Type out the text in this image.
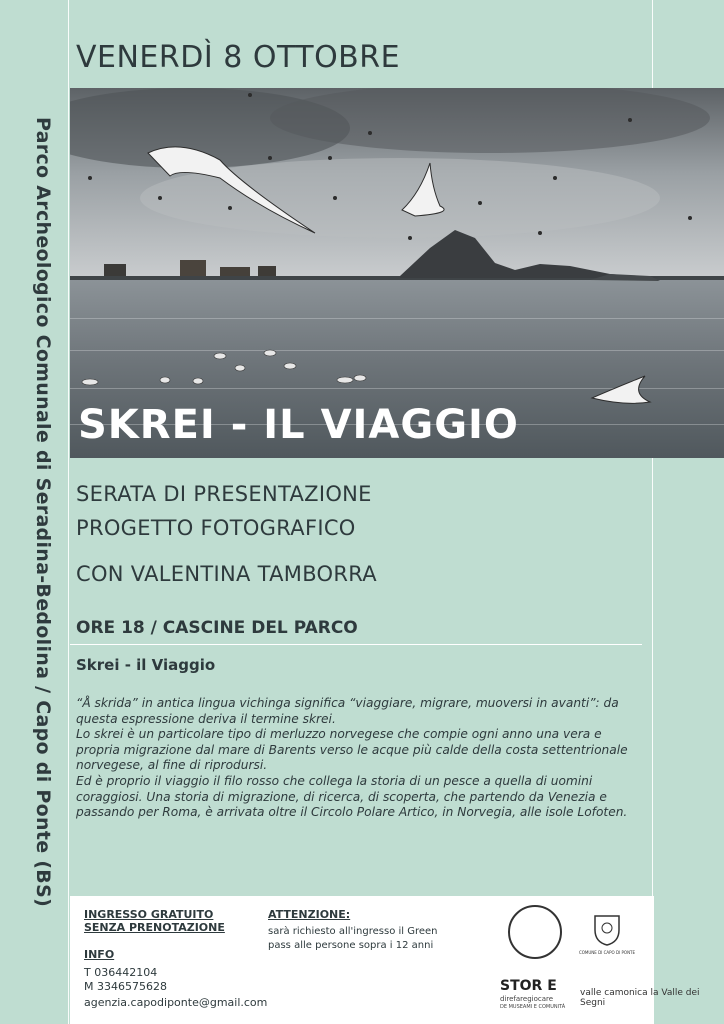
Parco Archeologico Comunale di Seradina-Bedolina / Capo di Ponte (BS)
VENERDÌ 8 OTTOBRE
SKREI - IL VIAGGIO
SERATA DI PRESENTAZIONE
PROGETTO FOTOGRAFICO
CON VALENTINA TAMBORRA
ORE 18 / CASCINE DEL PARCO
Skrei - il Viaggio

“Å skrida” in antica lingua vichinga significa “viaggiare, migrare, muoversi in avanti”: da questa espressione deriva il termine skrei.

Lo skrei è un particolare tipo di merluzzo norvegese che compie ogni anno una vera e propria migrazione dal mare di Barents verso le acque più calde della costa settentrionale norvegese, al fine di riprodursi.

Ed è proprio il viaggio il filo rosso che collega la storia di un pesce a quella di uomini coraggiosi. Una storia di migrazione, di ricerca, di scoperta, che partendo da Venezia e passando per Roma, è arrivata oltre il Circolo Polare Artico, in Norvegia, alle isole Lofoten.

INGRESSO GRATUITO
SENZA PRENOTAZIONE
INFO
T 036442104
M 3346575628
agenzia.capodiponte@gmail.com
ATTENZIONE:
sarà richiesto all'ingresso il Green
pass alle persone sopra i 12 anni
COMUNE DI CAPO DI PONTE
STOR E
direfaregiocare
DE MUSEAMI E COMUNITÀ
valle camonica la Valle dei Segni
